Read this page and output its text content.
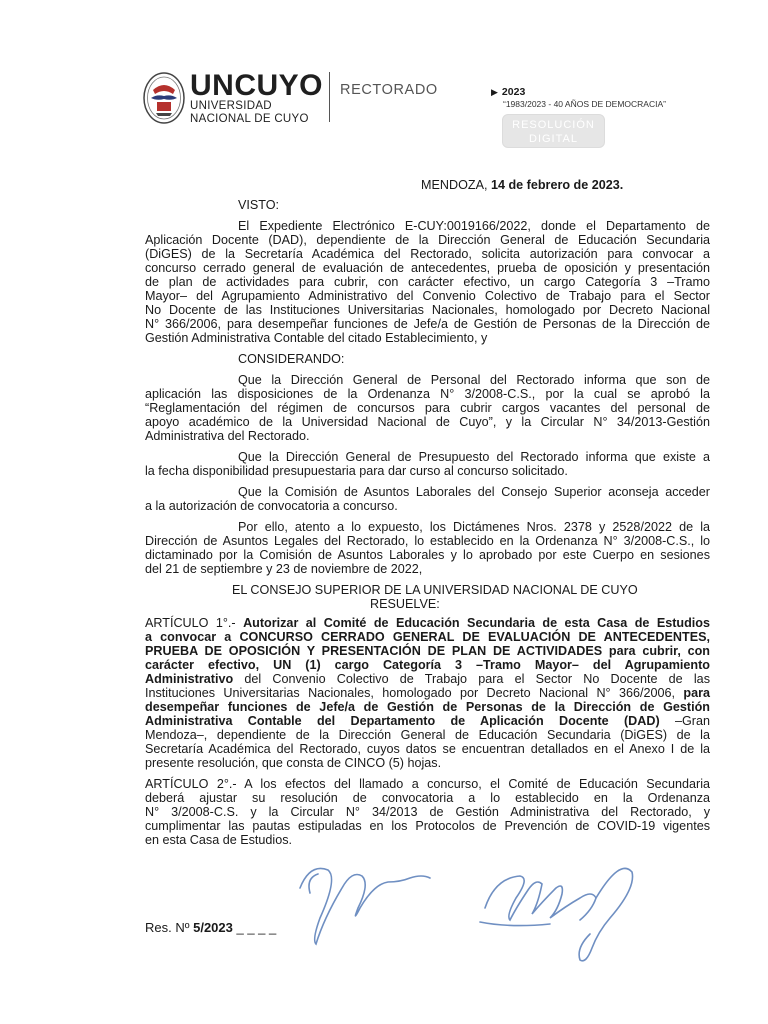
UNCUYO
UNIVERSIDAD
NACIONAL DE CUYO
RECTORADO	▶ 2023
“1983/2023 - 40 AÑOS DE DEMOCRACIA”
RESOLUCIÓN
DIGITAL
MENDOZA, 14 de febrero de 2023.
VISTO:
El Expediente Electrónico E-CUY:0019166/2022, donde el Departamento de
Aplicación Docente (DAD), dependiente de la Dirección General de Educación Secundaria
(DiGES) de la Secretaría Académica del Rectorado, solicita autorización para convocar a
concurso cerrado general de evaluación de antecedentes, prueba de oposición y presentación
de plan de actividades para cubrir, con carácter efectivo, un cargo Categoría 3 –Tramo
Mayor– del Agrupamiento Administrativo del Convenio Colectivo de Trabajo para el Sector
No Docente de las Instituciones Universitarias Nacionales, homologado por Decreto Nacional
N° 366/2006, para desempeñar funciones de Jefe/a de Gestión de Personas de la Dirección de
Gestión Administrativa Contable del citado Establecimiento, y
CONSIDERANDO:
Que la Dirección General de Personal del Rectorado informa que son de
aplicación las disposiciones de la Ordenanza N° 3/2008-C.S., por la cual se aprobó la
“Reglamentación del régimen de concursos para cubrir cargos vacantes del personal de
apoyo académico de la Universidad Nacional de Cuyo”, y la Circular N° 34/2013-Gestión
Administrativa del Rectorado.
Que la Dirección General de Presupuesto del Rectorado informa que existe a
la fecha disponibilidad presupuestaria para dar curso al concurso solicitado.
Que la Comisión de Asuntos Laborales del Consejo Superior aconseja acceder
a la autorización de convocatoria a concurso.
Por ello, atento a lo expuesto, los Dictámenes Nros. 2378 y 2528/2022 de la
Dirección de Asuntos Legales del Rectorado, lo establecido en la Ordenanza N° 3/2008-C.S., lo
dictaminado por la Comisión de Asuntos Laborales y lo aprobado por este Cuerpo en sesiones
del 21 de septiembre y 23 de noviembre de 2022,
EL CONSEJO SUPERIOR DE LA UNIVERSIDAD NACIONAL DE CUYO
RESUELVE:
ARTÍCULO 1°.- Autorizar al Comité de Educación Secundaria de esta Casa de Estudios
a convocar a CONCURSO CERRADO GENERAL DE EVALUACIÓN DE ANTECEDENTES,
PRUEBA DE OPOSICIÓN Y PRESENTACIÓN DE PLAN DE ACTIVIDADES para cubrir, con
carácter efectivo, UN (1) cargo Categoría 3 –Tramo Mayor– del Agrupamiento
Administrativo del Convenio Colectivo de Trabajo para el Sector No Docente de las
Instituciones Universitarias Nacionales, homologado por Decreto Nacional N° 366/2006, para
desempeñar funciones de Jefe/a de Gestión de Personas de la Dirección de Gestión
Administrativa Contable del Departamento de Aplicación Docente (DAD) –Gran
Mendoza–, dependiente de la Dirección General de Educación Secundaria (DiGES) de la
Secretaría Académica del Rectorado, cuyos datos se encuentran detallados en el Anexo I de la
presente resolución, que consta de CINCO (5) hojas.
ARTÍCULO 2°.- A los efectos del llamado a concurso, el Comité de Educación Secundaria
deberá ajustar su resolución de convocatoria a lo establecido en la Ordenanza
N° 3/2008-C.S. y la Circular N° 34/2013 de Gestión Administrativa del Rectorado, y
cumplimentar las pautas estipuladas en los Protocolos de Prevención de COVID-19 vigentes
en esta Casa de Estudios.
Res. Nº 5/2023 _ _ _ _
